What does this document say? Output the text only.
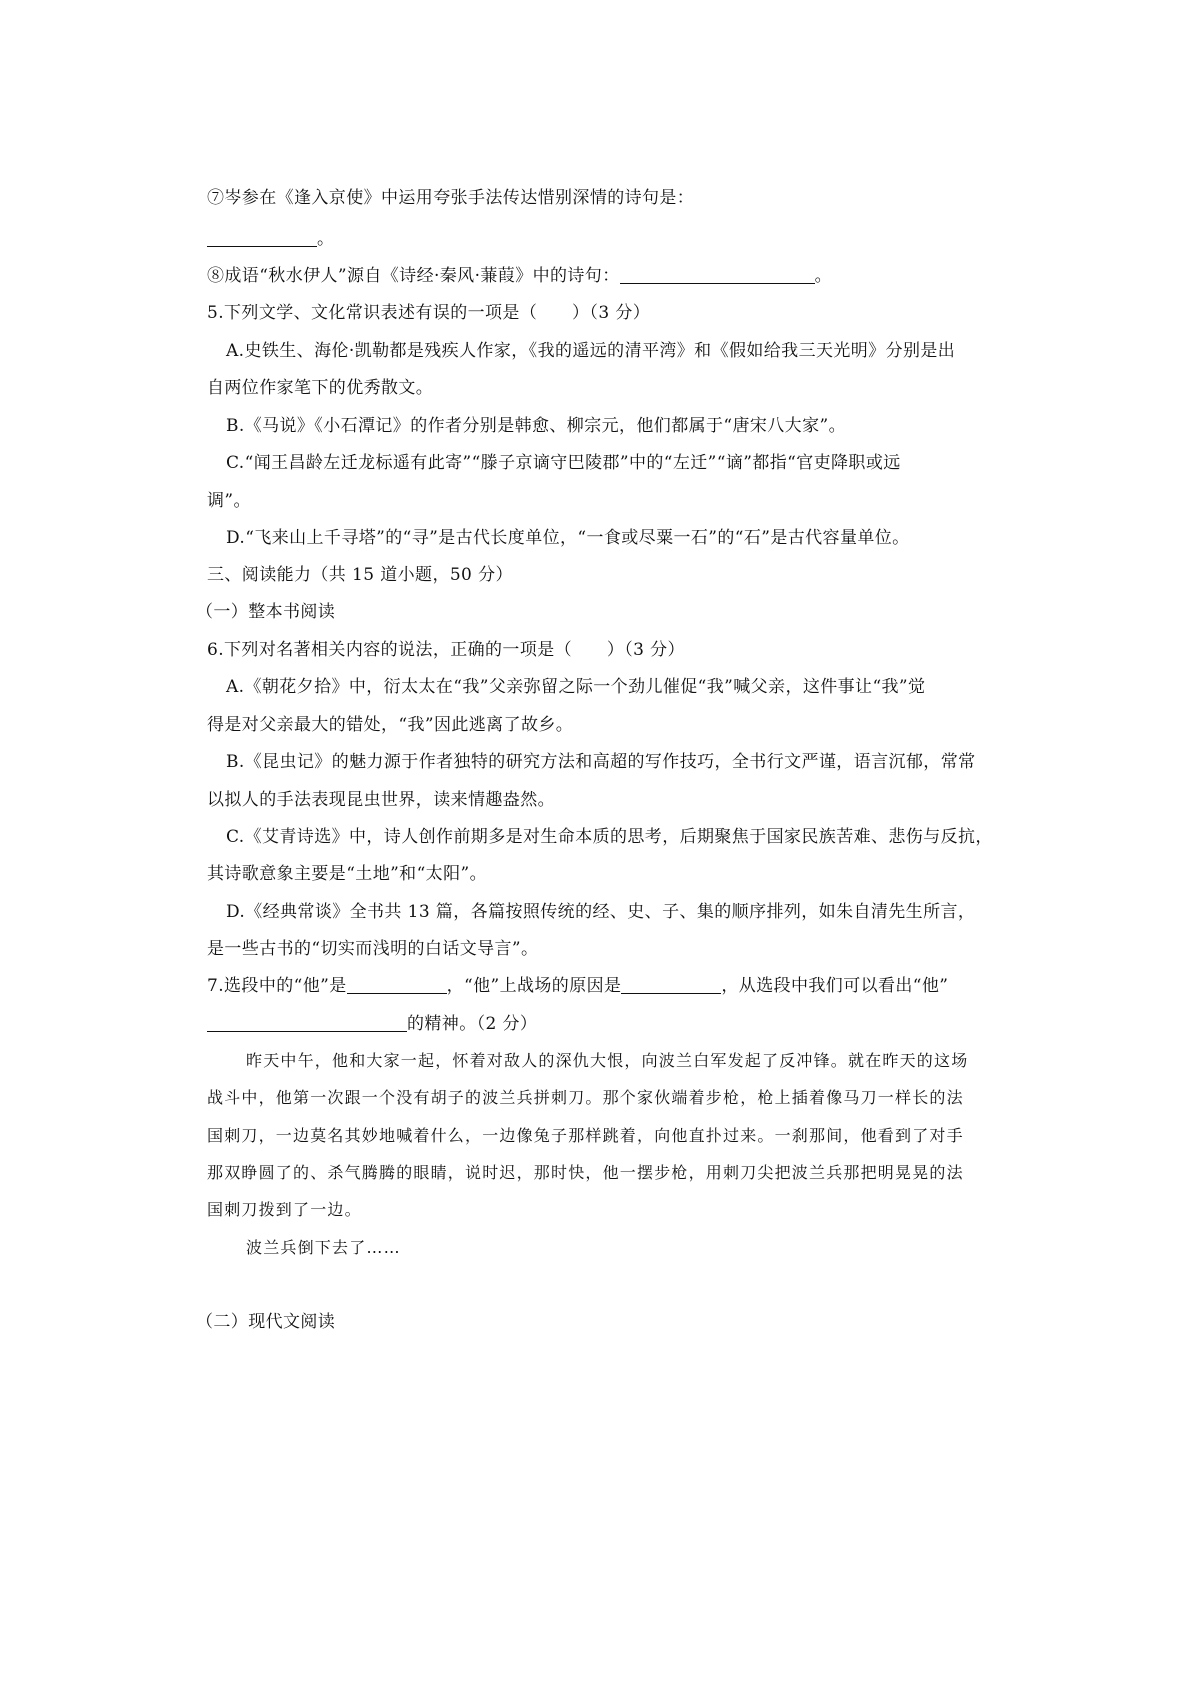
⑦岑参在《逢入京使》中运用夸张手法传达惜别深情的诗句是：
。
⑧成语“秋水伊人”源自《诗经·秦风·蒹葭》中的诗句：	。
5.下列文学、文化常识表述有误的一项是（　　）（3 分）
A.史铁生、海伦·凯勒都是残疾人作家，《我的遥远的清平湾》和《假如给我三天光明》分别是出
自两位作家笔下的优秀散文。
B.《马说》《小石潭记》的作者分别是韩愈、柳宗元，他们都属于“唐宋八大家”。
C.“闻王昌龄左迁龙标遥有此寄”“滕子京谪守巴陵郡”中的“左迁”“谪”都指“官吏降职或远
调”。
D.“飞来山上千寻塔”的“寻”是古代长度单位，“一食或尽粟一石”的“石”是古代容量单位。
三、阅读能力（共 15 道小题，50 分）
（一）整本书阅读
6.下列对名著相关内容的说法，正确的一项是（　　）（3 分）
A.《朝花夕拾》中，衍太太在“我”父亲弥留之际一个劲儿催促“我”喊父亲，这件事让“我”觉
得是对父亲最大的错处，“我”因此逃离了故乡。
B.《昆虫记》的魅力源于作者独特的研究方法和高超的写作技巧，全书行文严谨，语言沉郁，常常
以拟人的手法表现昆虫世界，读来情趣盎然。
C.《艾青诗选》中，诗人创作前期多是对生命本质的思考，后期聚焦于国家民族苦难、悲伤与反抗，
其诗歌意象主要是“土地”和“太阳”。
D.《经典常谈》全书共 13 篇，各篇按照传统的经、史、子、集的顺序排列，如朱自清先生所言，
是一些古书的“切实而浅明的白话文导言”。
7.选段中的“他”是	，“他”上战场的原因是	，从选段中我们可以看出“他”
的精神。（2 分）
昨天中午，他和大家一起，怀着对敌人的深仇大恨，向波兰白军发起了反冲锋。就在昨天的这场
战斗中，他第一次跟一个没有胡子的波兰兵拼刺刀。那个家伙端着步枪，枪上插着像马刀一样长的法
国刺刀，一边莫名其妙地喊着什么，一边像兔子那样跳着，向他直扑过来。一刹那间，他看到了对手
那双睁圆了的、杀气腾腾的眼睛，说时迟，那时快，他一摆步枪，用刺刀尖把波兰兵那把明晃晃的法
国刺刀拨到了一边。
波兰兵倒下去了……
（二）现代文阅读
